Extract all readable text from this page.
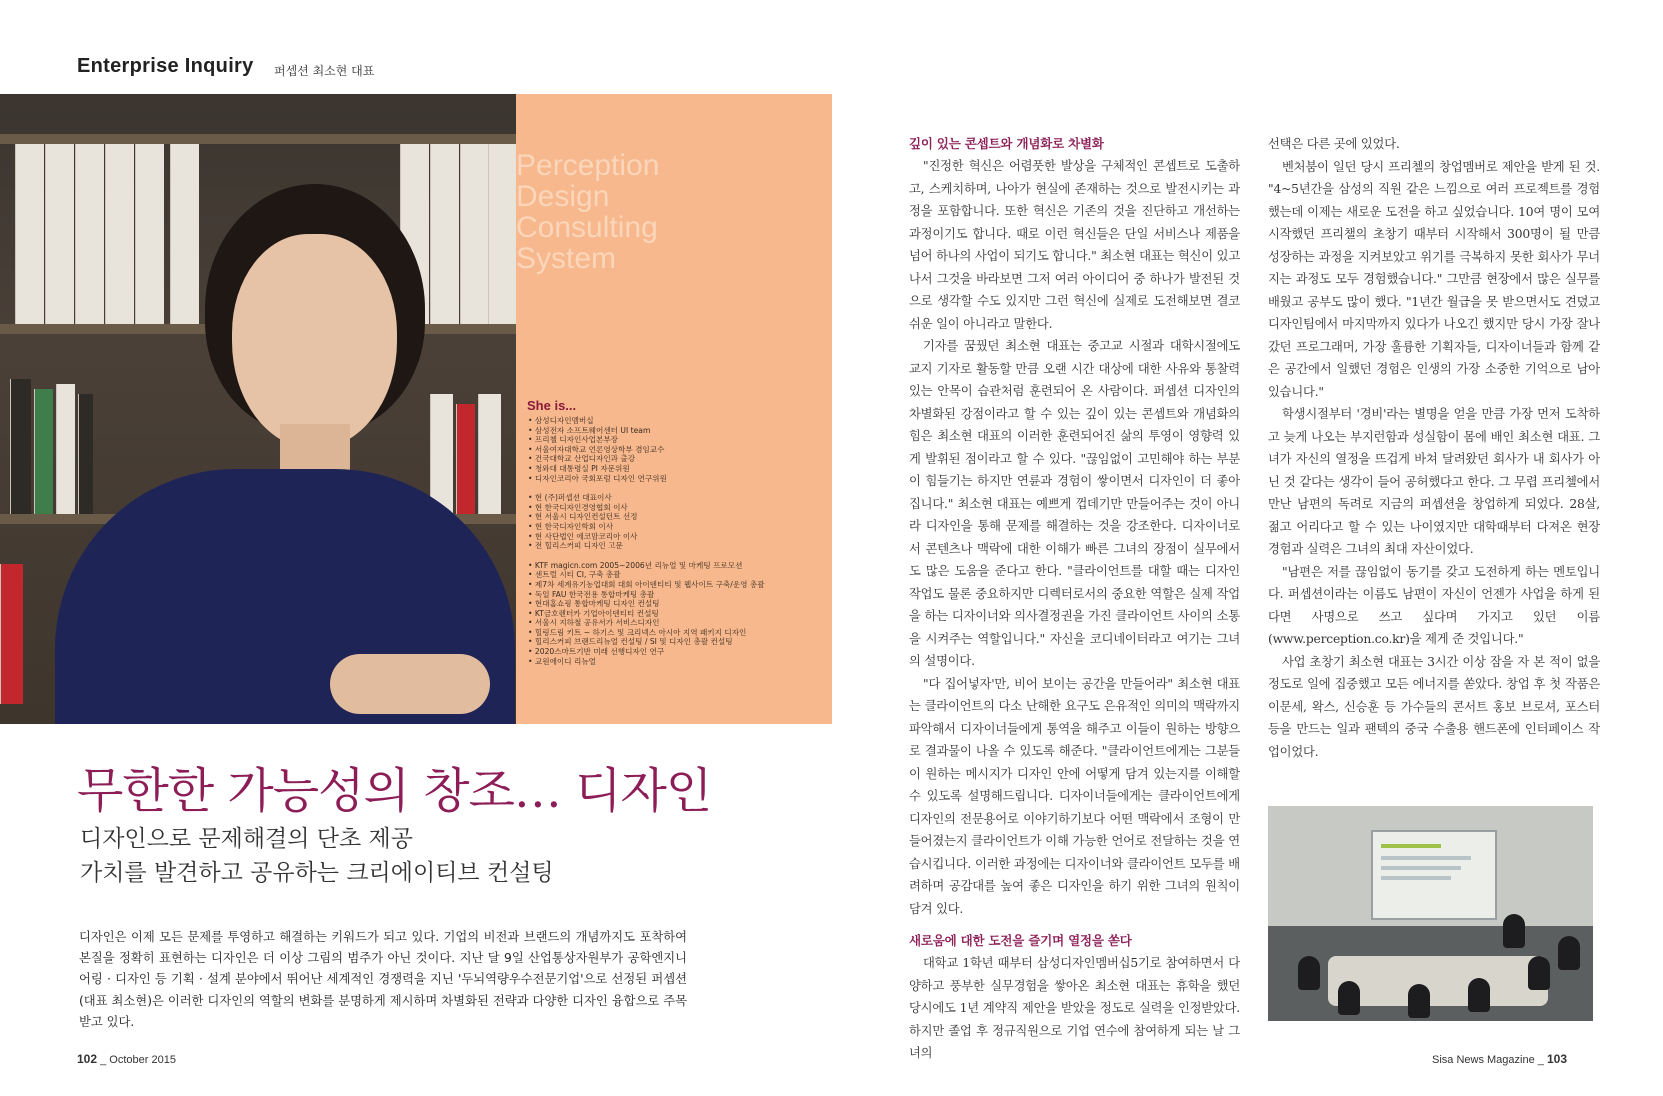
Enterprise Inquiry 퍼셉션 최소현 대표
Perception
Design
Consulting
System
She is...
• 삼성디자인멤버십
• 삼성전자 소프트웨어센터 UI team
• 프리첼 디자인사업본부장
• 서울여자대학교 언론영상학부 겸임교수
• 건국대학교 산업디자인과 출강
• 청와대 대통령실 PI 자문위원
• 디자인코리아 국회포럼 디자인 연구위원
• 현 (주)퍼셉션 대표이사
• 현 한국디자인경영협회 이사
• 현 서울시 디자인컨설턴트 선정
• 현 한국디자인학회 이사
• 현 사단법인 에코맘코리아 이사
• 전 힐리스커피 디자인 고문
• KTF magicn.com 2005~2006년 리뉴얼 및 마케팅 프로모션
• 센트럴 시티 CI, 구축 총괄
• 제7차 세계유기농업대회 대회 아이덴티티 및 웹사이트 구축/운영 총괄
• 독일 FAU 한국전용 통합마케팅 총괄
• 현대홈쇼핑 통합마케팅 디자인 컨설팅
• KT금호렌터카 기업아이덴티티 컨설팅
• 서울시 지하철 공유서가 서비스디자인
• 힐링드림 키트 ~ 하기스 및 크리넥스 아시아 지역 패키지 디자인
• 힐리스커피 브랜드리뉴얼 컨설팅 / SI 및 디자인 총괄 컨설팅
• 2020스마트기반 미래 선행디자인 연구
• 교원에이디 리뉴얼
무한한 가능성의 창조… 디자인
디자인으로 문제해결의 단초 제공
가치를 발견하고 공유하는 크리에이티브 컨설팅
디자인은 이제 모든 문제를 투영하고 해결하는 키워드가 되고 있다. 기업의 비전과 브랜드의 개념까지도 포착하여 본질을 정확히 표현하는 디자인은 더 이상 그림의 범주가 아닌 것이다. 지난 달 9일 산업통상자원부가 공학엔지니어링 · 디자인 등 기획 · 설계 분야에서 뛰어난 세계적인 경쟁력을 지닌 '두뇌역량우수전문기업'으로 선정된 퍼셉션(대표 최소현)은 이러한 디자인의 역할의 변화를 분명하게 제시하며 차별화된 전략과 다양한 디자인 융합으로 주목받고 있다.
깊이 있는 콘셉트와 개념화로 차별화

"진정한 혁신은 어렴풋한 발상을 구체적인 콘셉트로 도출하고, 스케치하며, 나아가 현실에 존재하는 것으로 발전시키는 과정을 포함합니다. 또한 혁신은 기존의 것을 진단하고 개선하는 과정이기도 합니다. 때로 이런 혁신들은 단일 서비스나 제품을 넘어 하나의 사업이 되기도 합니다." 최소현 대표는 혁신이 있고 나서 그것을 바라보면 그저 여러 아이디어 중 하나가 발전된 것으로 생각할 수도 있지만 그런 혁신에 실제로 도전해보면 결코 쉬운 일이 아니라고 말한다.

기자를 꿈꿨던 최소현 대표는 중고교 시절과 대학시절에도 교지 기자로 활동할 만큼 오랜 시간 대상에 대한 사유와 통찰력 있는 안목이 습관처럼 훈련되어 온 사람이다. 퍼셉션 디자인의 차별화된 강점이라고 할 수 있는 깊이 있는 콘셉트와 개념화의 힘은 최소현 대표의 이러한 훈련되어진 삶의 투영이 영향력 있게 발휘된 점이라고 할 수 있다. "끊임없이 고민해야 하는 부분이 힘들기는 하지만 연륜과 경험이 쌓이면서 디자인이 더 좋아집니다." 최소현 대표는 예쁘게 껍데기만 만들어주는 것이 아니라 디자인을 통해 문제를 해결하는 것을 강조한다. 디자이너로서 콘텐츠나 맥락에 대한 이해가 빠른 그녀의 장점이 실무에서도 많은 도움을 준다고 한다. "클라이언트를 대할 때는 디자인 작업도 물론 중요하지만 디렉터로서의 중요한 역할은 실제 작업을 하는 디자이너와 의사결정권을 가진 클라이언트 사이의 소통을 시켜주는 역할입니다." 자신을 코디네이터라고 여기는 그녀의 설명이다.

"다 집어넣자'만, 비어 보이는 공간을 만들어라" 최소현 대표는 클라이언트의 다소 난해한 요구도 은유적인 의미의 맥락까지 파악해서 디자이너들에게 통역을 해주고 이들이 원하는 방향으로 결과물이 나올 수 있도록 해준다. "클라이언트에게는 그분들이 원하는 메시지가 디자인 안에 어떻게 담겨 있는지를 이해할 수 있도록 설명해드립니다. 디자이너들에게는 클라이언트에게 디자인의 전문용어로 이야기하기보다 어떤 맥락에서 조형이 만들어졌는지 클라이언트가 이해 가능한 언어로 전달하는 것을 연습시킵니다. 이러한 과정에는 디자이너와 클라이언트 모두를 배려하며 공감대를 높여 좋은 디자인을 하기 위한 그녀의 원칙이 담겨 있다.

새로움에 대한 도전을 즐기며 열정을 쏟다

대학교 1학년 때부터 삼성디자인멤버십5기로 참여하면서 다양하고 풍부한 실무경험을 쌓아온 최소현 대표는 휴학을 했던 당시에도 1년 계약직 제안을 받았을 정도로 실력을 인정받았다. 하지만 졸업 후 정규직원으로 기업 연수에 참여하게 되는 날 그녀의

선택은 다른 곳에 있었다.

벤처붐이 일던 당시 프리첼의 창업멤버로 제안을 받게 된 것. "4~5년간을 삼성의 직원 같은 느낌으로 여러 프로젝트를 경험했는데 이제는 새로운 도전을 하고 싶었습니다. 10여 명이 모여 시작했던 프리챌의 초창기 때부터 시작해서 300명이 될 만큼 성장하는 과정을 지켜보았고 위기를 극복하지 못한 회사가 무너지는 과정도 모두 경험했습니다." 그만큼 현장에서 많은 실무를 배웠고 공부도 많이 했다. "1년간 월급을 못 받으면서도 견뎠고 디자인팀에서 마지막까지 있다가 나오긴 했지만 당시 가장 잘나갔던 프로그래머, 가장 훌륭한 기획자들, 디자이너들과 함께 같은 공간에서 일했던 경험은 인생의 가장 소중한 기억으로 남아 있습니다."

학생시절부터 '경비'라는 별명을 얻을 만큼 가장 먼저 도착하고 늦게 나오는 부지런함과 성실함이 몸에 배인 최소현 대표. 그녀가 자신의 열정을 뜨겁게 바쳐 달려왔던 회사가 내 회사가 아닌 것 같다는 생각이 들어 공허했다고 한다. 그 무렵 프리첼에서 만난 남편의 독려로 지금의 퍼셉션을 창업하게 되었다. 28살, 젊고 어리다고 할 수 있는 나이였지만 대학때부터 다져온 현장경험과 실력은 그녀의 최대 자산이었다.

"남편은 저를 끊임없이 동기를 갖고 도전하게 하는 멘토입니다. 퍼셉션이라는 이름도 남편이 자신이 언젠가 사업을 하게 된다면 사명으로 쓰고 싶다며 가지고 있던 이름(www.perception.co.kr)을 제게 준 것입니다."

사업 초창기 최소현 대표는 3시간 이상 잠을 자 본 적이 없을 정도로 일에 집중했고 모든 에너지를 쏟았다. 창업 후 첫 작품은 이문세, 왁스, 신승훈 등 가수들의 콘서트 홍보 브로셔, 포스터 등을 만드는 일과 팬텍의 중국 수출용 핸드폰에 인터페이스 작업이었다.

102 _ October 2015	Sisa News Magazine _ 103
